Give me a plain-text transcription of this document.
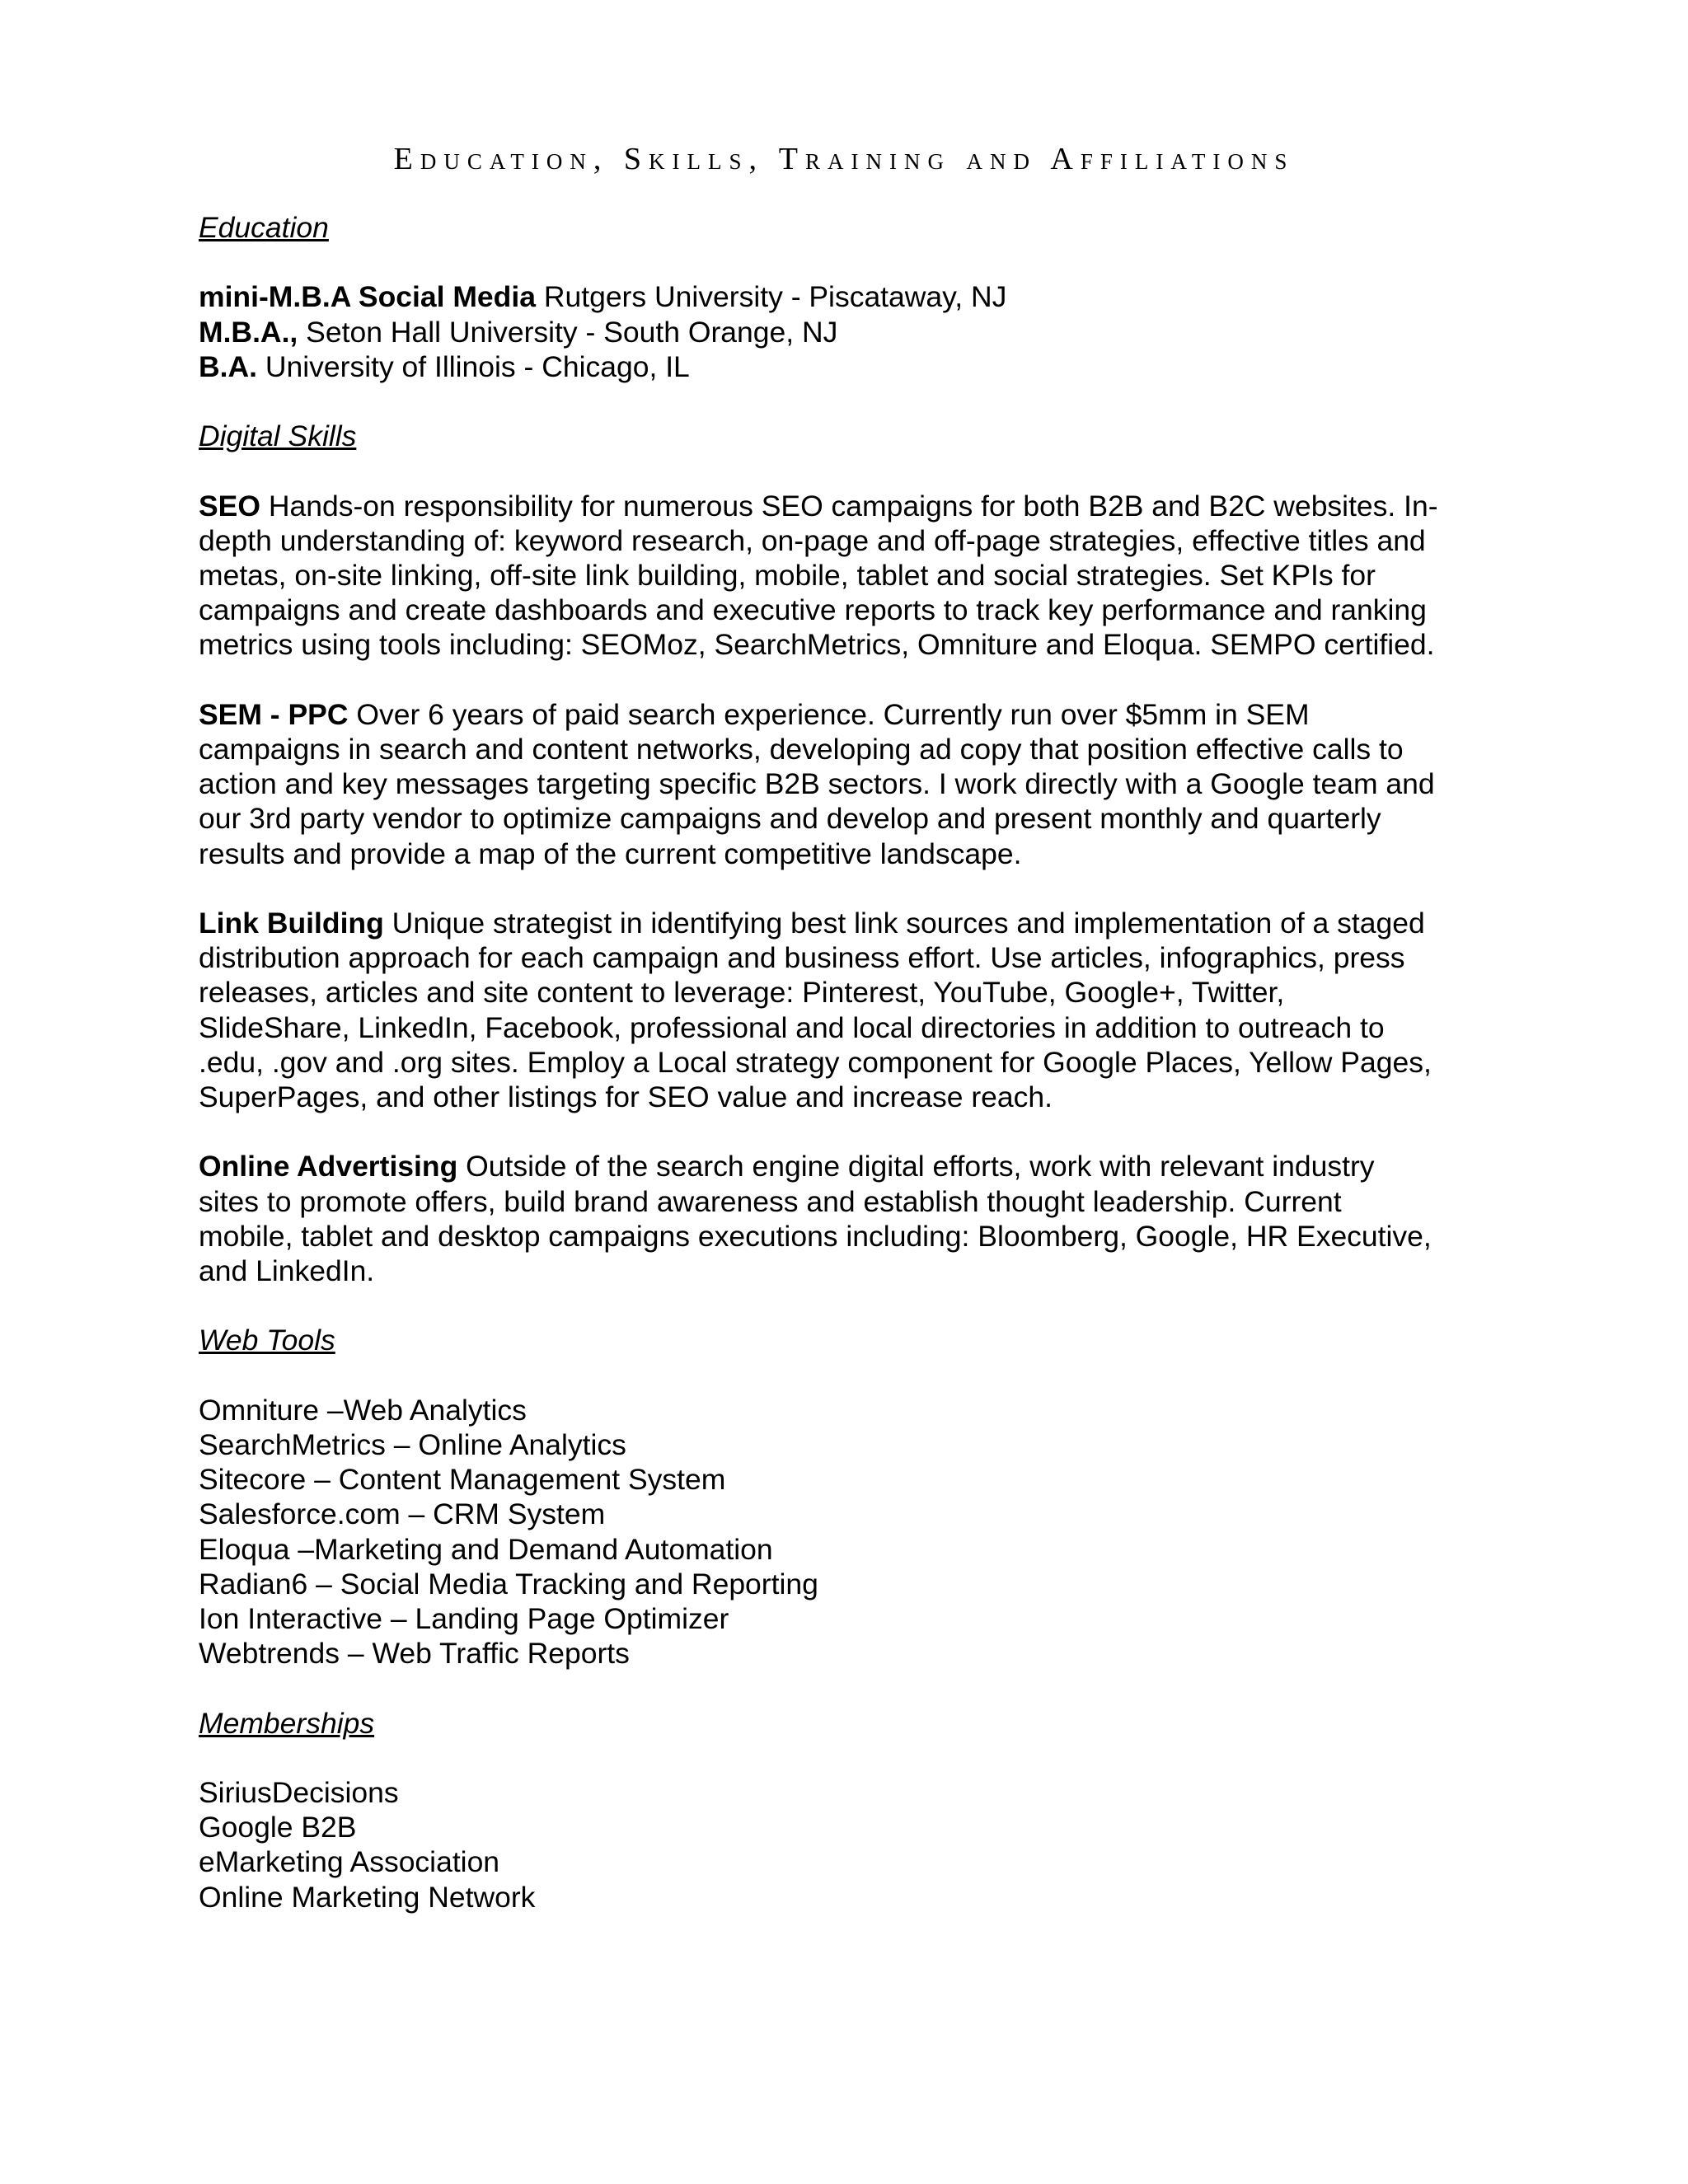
Education, Skills, Training and Affiliations

Education

mini-M.B.A Social Media Rutgers University - Piscataway, NJ
M.B.A., Seton Hall University - South Orange, NJ
B.A. University of Illinois - Chicago, IL

Digital Skills

SEO Hands-on responsibility for numerous SEO campaigns for both B2B and B2C websites. In-
depth understanding of: keyword research, on-page and off-page strategies, effective titles and
metas, on-site linking, off-site link building, mobile, tablet and social strategies. Set KPIs for
campaigns and create dashboards and executive reports to track key performance and ranking
metrics using tools including: SEOMoz, SearchMetrics, Omniture and Eloqua. SEMPO certified.
SEM - PPC Over 6 years of paid search experience. Currently run over $5mm in SEM
campaigns in search and content networks, developing ad copy that position effective calls to
action and key messages targeting specific B2B sectors. I work directly with a Google team and
our 3rd party vendor to optimize campaigns and develop and present monthly and quarterly
results and provide a map of the current competitive landscape.
Link Building Unique strategist in identifying best link sources and implementation of a staged
distribution approach for each campaign and business effort. Use articles, infographics, press
releases, articles and site content to leverage: Pinterest, YouTube, Google+, Twitter,
SlideShare, LinkedIn, Facebook, professional and local directories in addition to outreach to
.edu, .gov and .org sites. Employ a Local strategy component for Google Places, Yellow Pages,
SuperPages, and other listings for SEO value and increase reach.
Online Advertising Outside of the search engine digital efforts, work with relevant industry
sites to promote offers, build brand awareness and establish thought leadership. Current
mobile, tablet and desktop campaigns executions including: Bloomberg, Google, HR Executive,
and LinkedIn.

Web Tools

Omniture –Web Analytics
SearchMetrics – Online Analytics
Sitecore – Content Management System
Salesforce.com – CRM System
Eloqua –Marketing and Demand Automation
Radian6 – Social Media Tracking and Reporting
Ion Interactive – Landing Page Optimizer
Webtrends – Web Traffic Reports

Memberships

SiriusDecisions
Google B2B
eMarketing Association
Online Marketing Network
